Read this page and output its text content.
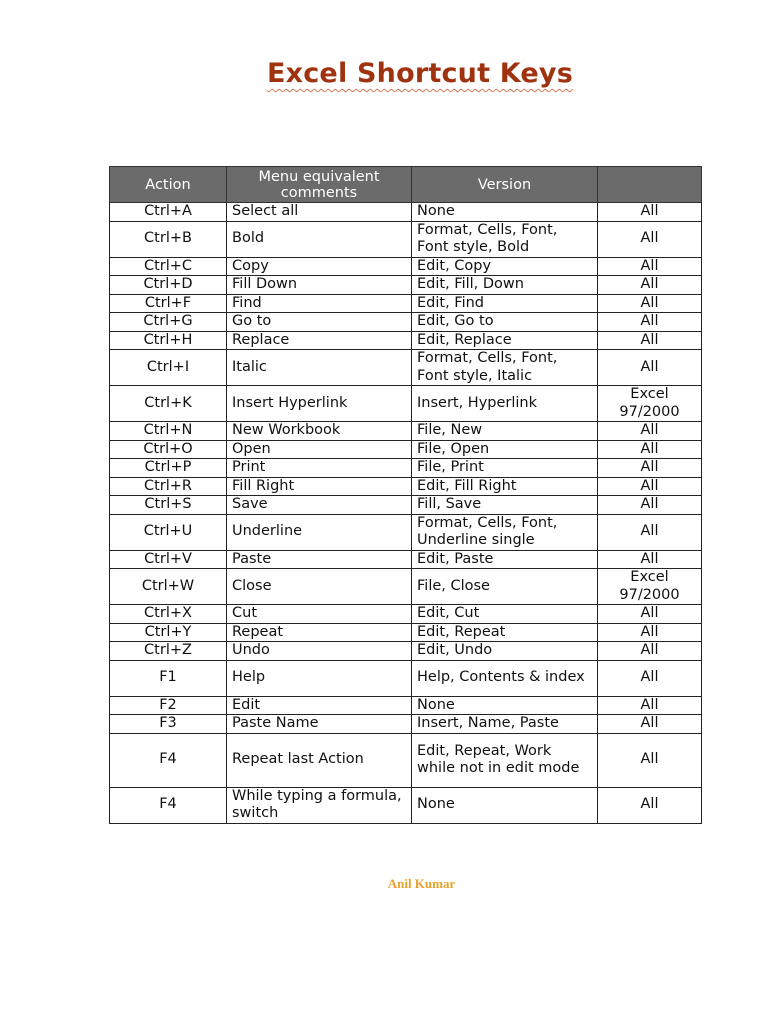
Excel Shortcut Keys
Action	Menu equivalent comments	Version	
Ctrl+A	Select all	None	All
Ctrl+B	Bold	Format, Cells, Font, Font style, Bold	All
Ctrl+C	Copy	Edit, Copy	All
Ctrl+D	Fill Down	Edit, Fill, Down	All
Ctrl+F	Find	Edit, Find	All
Ctrl+G	Go to	Edit, Go to	All
Ctrl+H	Replace	Edit, Replace	All
Ctrl+I	Italic	Format, Cells, Font, Font style, Italic	All
Ctrl+K	Insert Hyperlink	Insert, Hyperlink	Excel 97/2000
Ctrl+N	New Workbook	File, New	All
Ctrl+O	Open	File, Open	All
Ctrl+P	Print	File, Print	All
Ctrl+R	Fill Right	Edit, Fill Right	All
Ctrl+S	Save	Fill, Save	All
Ctrl+U	Underline	Format, Cells, Font, Underline single	All
Ctrl+V	Paste	Edit, Paste	All
Ctrl+W	Close	File, Close	Excel 97/2000
Ctrl+X	Cut	Edit, Cut	All
Ctrl+Y	Repeat	Edit, Repeat	All
Ctrl+Z	Undo	Edit, Undo	All
F1	Help	Help, Contents & index	All
F2	Edit	None	All
F3	Paste Name	Insert, Name, Paste	All
F4	Repeat last Action	Edit, Repeat, Work while not in edit mode	All
F4	While typing a formula, switch	None	All
Anil Kumar
